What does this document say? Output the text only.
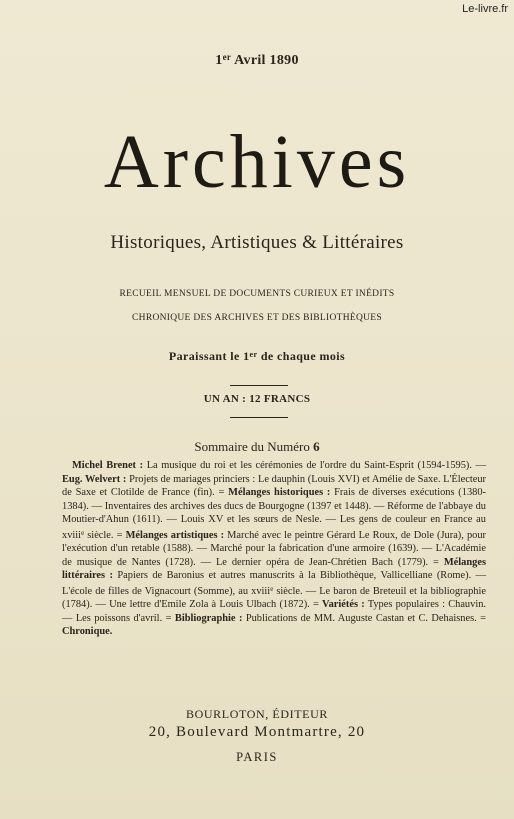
Le-livre.fr
1er Avril 1890
Archives
Historiques, Artistiques & Littéraires
RECUEIL MENSUEL DE DOCUMENTS CURIEUX ET INÉDITS
CHRONIQUE DES ARCHIVES ET DES BIBLIOTHÈQUES
Paraissant le 1er de chaque mois
UN AN : 12 FRANCS
Sommaire du Numéro 6
Michel Brenet : La musique du roi et les cérémonies de l'ordre du Saint-Esprit (1594-1595). — Eug. Welvert : Projets de mariages princiers : Le dauphin (Louis XVI) et Amélie de Saxe. L'Électeur de Saxe et Clotilde de France (fin). = Mélanges historiques : Frais de diverses exécutions (1380-1384). — Inventaires des archives des ducs de Bourgogne (1397 et 1448). — Réforme de l'abbaye du Moutier-d'Ahun (1611). — Louis XV et les sœurs de Nesle. — Les gens de couleur en France au xviii$^e$ siècle. = Mélanges artistiques : Marché avec le peintre Gérard Le Roux, de Dole (Jura), pour l'exécution d'un retable (1588). — Marché pour la fabrication d'une armoire (1639). — L'Académie de musique de Nantes (1728). — Le dernier opéra de Jean-Chrétien Bach (1779). = Mélanges littéraires : Papiers de Baronius et autres manuscrits à la Bibliothèque, Vallicelliane (Rome). — L'école de filles de Vignacourt (Somme), au xviii$^e$ siècle. — Le baron de Breteuil et la bibliographie (1784). — Une lettre d'Emile Zola à Louis Ulbach (1872). = Variétés : Types populaires : Chauvin. — Les poissons d'avril. = Bibliographie : Publications de MM. Auguste Castan et C. Dehaisnes. = Chronique.
BOURLOTON, ÉDITEUR
20, Boulevard Montmartre, 20
PARIS
